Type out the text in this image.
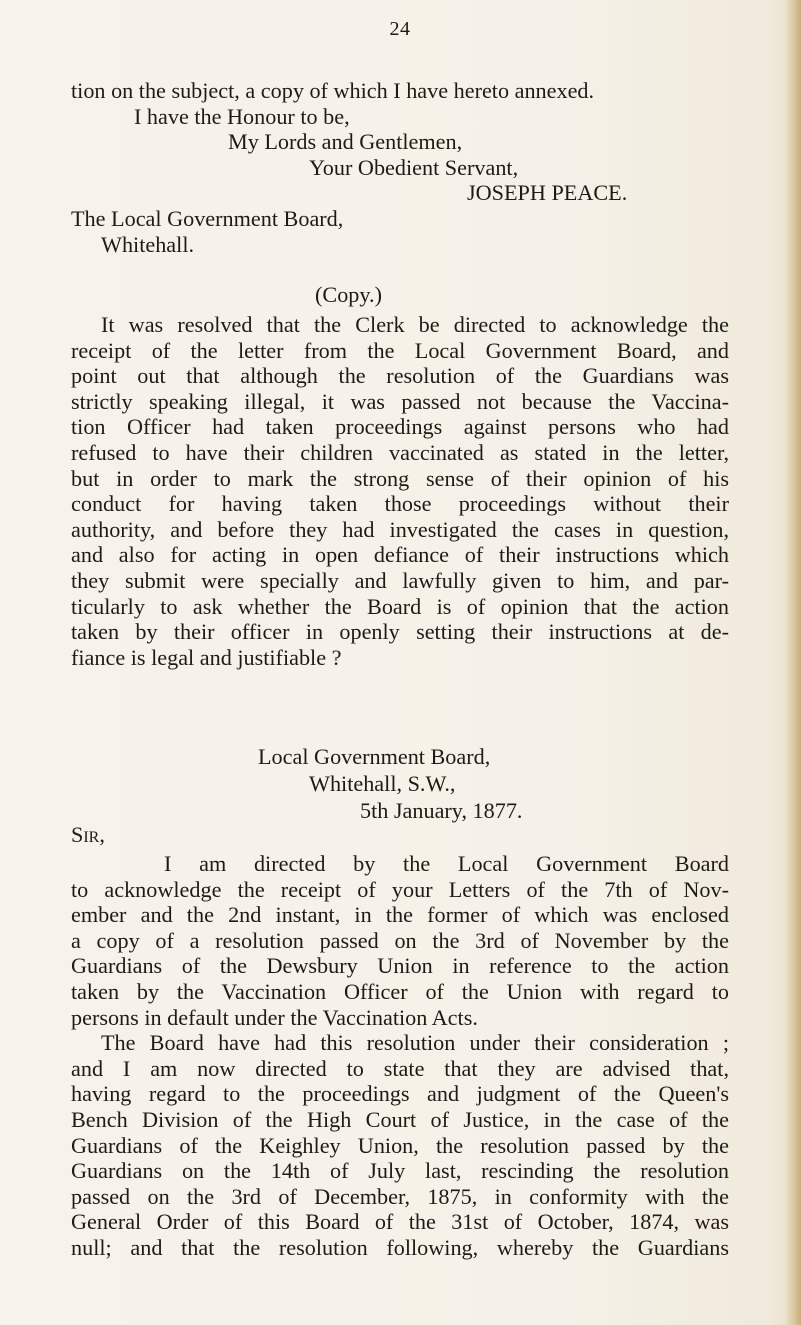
24
tion on the subject, a copy of which I have hereto annexed.
I have the Honour to be,
My Lords and Gentlemen,
Your Obedient Servant,
JOSEPH PEACE.
The Local Government Board,
Whitehall.
(Copy.)
It was resolved that the Clerk be directed to acknowledge the
receipt of the letter from the Local Government Board, and
point out that although the resolution of the Guardians was
strictly speaking illegal, it was passed not because the Vaccina-
tion Officer had taken proceedings against persons who had
refused to have their children vaccinated as stated in the letter,
but in order to mark the strong sense of their opinion of his
conduct for having taken those proceedings without their
authority, and before they had investigated the cases in question,
and also for acting in open defiance of their instructions which
they submit were specially and lawfully given to him, and par-
ticularly to ask whether the Board is of opinion that the action
taken by their officer in openly setting their instructions at de-
fiance is legal and justifiable ?
Local Government Board,
Whitehall, S.W.,
5th January, 1877.
Sir,
I am directed by the Local Government Board
to acknowledge the receipt of your Letters of the 7th of Nov-
ember and the 2nd instant, in the former of which was enclosed
a copy of a resolution passed on the 3rd of November by the
Guardians of the Dewsbury Union in reference to the action
taken by the Vaccination Officer of the Union with regard to
persons in default under the Vaccination Acts.
The Board have had this resolution under their consideration ;
and I am now directed to state that they are advised that,
having regard to the proceedings and judgment of the Queen's
Bench Division of the High Court of Justice, in the case of the
Guardians of the Keighley Union, the resolution passed by the
Guardians on the 14th of July last, rescinding the resolution
passed on the 3rd of December, 1875, in conformity with the
General Order of this Board of the 31st of October, 1874, was
null; and that the resolution following, whereby the Guardians
